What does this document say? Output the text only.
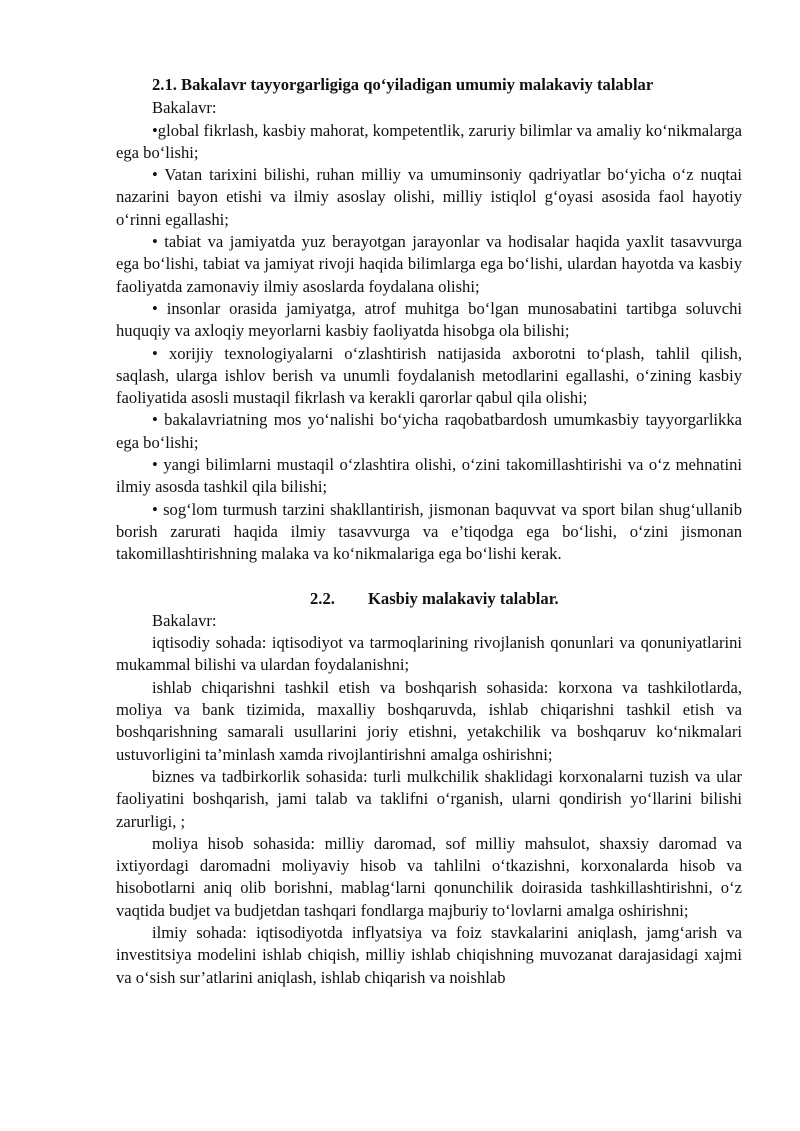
2.1. Bakalavr tayyorgarligiga qo‘yiladigan umumiy malakaviy talablar
Bakalavr:

•global fikrlash, kasbiy mahorat, kompetentlik, zaruriy bilimlar va amaliy ko‘nikmalarga ega bo‘lishi;

• Vatan tarixini bilishi, ruhan milliy va umuminsoniy qadriyatlar bo‘yicha o‘z nuqtai nazarini bayon etishi va ilmiy asoslay olishi, milliy istiqlol g‘oyasi asosida faol hayotiy o‘rinni egallashi;

• tabiat va jamiyatda yuz berayotgan jarayonlar va hodisalar haqida yaxlit tasavvurga ega bo‘lishi, tabiat va jamiyat rivoji haqida bilimlarga ega bo‘lishi, ulardan hayotda va kasbiy faoliyatda zamonaviy ilmiy asoslarda foydalana olishi;

• insonlar orasida jamiyatga, atrof muhitga bo‘lgan munosabatini tartibga soluvchi huquqiy va axloqiy meyorlarni kasbiy faoliyatda hisobga ola bilishi;

• xorijiy texnologiyalarni o‘zlashtirish natijasida axborotni to‘plash, tahlil qilish, saqlash, ularga ishlov berish va unumli foydalanish metodlarini egallashi, o‘zining kasbiy faoliyatida asosli mustaqil fikrlash va kerakli qarorlar qabul qila olishi;

• bakalavriatning mos yo‘nalishi bo‘yicha raqobatbardosh umumkasbiy tayyorgarlikka ega bo‘lishi;

• yangi bilimlarni mustaqil o‘zlashtira olishi, o‘zini takomillashtirishi va o‘z mehnatini ilmiy asosda tashkil qila bilishi;

• sog‘lom turmush tarzini shakllantirish, jismonan baquvvat va sport bilan shug‘ullanib borish zarurati haqida ilmiy tasavvurga va e’tiqodga ega bo‘lishi, o‘zini jismonan takomillashtirishning malaka va ko‘nikmalariga ega bo‘lishi kerak.

2.2. Kasbiy malakaviy talablar.
Bakalavr:

iqtisodiy sohada: iqtisodiyot va tarmoqlarining rivojlanish qonunlari va qonuniyatlarini mukammal bilishi va ulardan foydalanishni;

ishlab chiqarishni tashkil etish va boshqarish sohasida: korxona va tashkilotlarda, moliya va bank tizimida, maxalliy boshqaruvda, ishlab chiqarishni tashkil etish va boshqarishning samarali usullarini joriy etishni, yetakchilik va boshqaruv ko‘nikmalari ustuvorligini ta’minlash xamda rivojlantirishni amalga oshirishni;

biznes va tadbirkorlik sohasida: turli mulkchilik shaklidagi korxonalarni tuzish va ular faoliyatini boshqarish, jami talab va taklifni o‘rganish, ularni qondirish yo‘llarini bilishi zarurligi, ;

moliya hisob sohasida: milliy daromad, sof milliy mahsulot, shaxsiy daromad va ixtiyordagi daromadni moliyaviy hisob va tahlilni o‘tkazishni, korxonalarda hisob va hisobotlarni aniq olib borishni, mablag‘larni qonunchilik doirasida tashkillashtirishni, o‘z vaqtida budjet va budjetdan tashqari fondlarga majburiy to‘lovlarni amalga oshirishni;

ilmiy sohada: iqtisodiyotda inflyatsiya va foiz stavkalarini aniqlash, jamg‘arish va investitsiya modelini ishlab chiqish, milliy ishlab chiqishning muvozanat darajasidagi xajmi va o‘sish sur’atlarini aniqlash, ishlab chiqarish va noishlab
